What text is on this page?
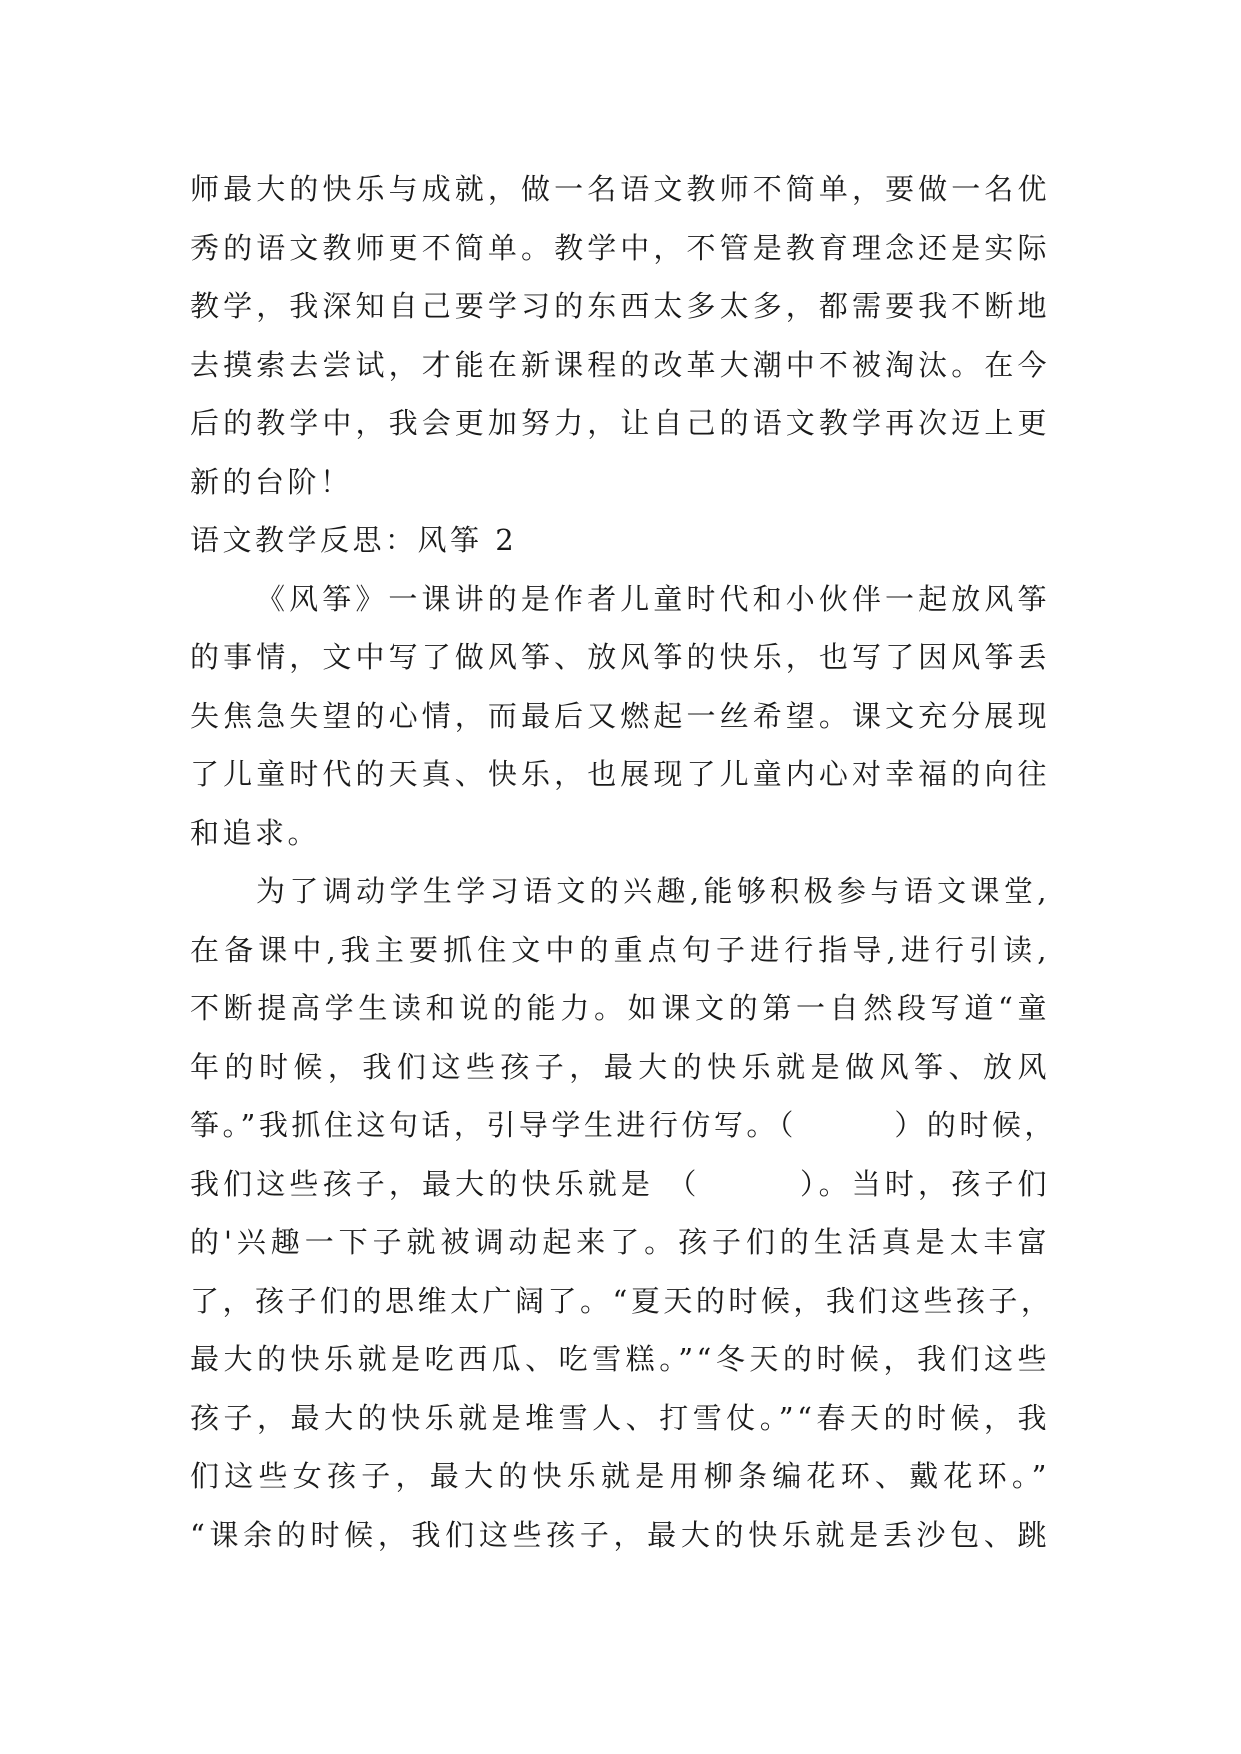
师最大的快乐与成就，做一名语文教师不简单，要做一名优
秀的语文教师更不简单。教学中，不管是教育理念还是实际
教学，我深知自己要学习的东西太多太多，都需要我不断地
去摸索去尝试，才能在新课程的改革大潮中不被淘汰。在今
后的教学中，我会更加努力，让自己的语文教学再次迈上更
新的台阶！
语文教学反思：风筝 2
《风筝》一课讲的是作者儿童时代和小伙伴一起放风筝
的事情，文中写了做风筝、放风筝的快乐，也写了因风筝丢
失焦急失望的心情，而最后又燃起一丝希望。课文充分展现
了儿童时代的天真、快乐，也展现了儿童内心对幸福的向往
和追求。
为了调动学生学习语文的兴趣,能够积极参与语文课堂,
在备课中,我主要抓住文中的重点句子进行指导,进行引读,
不断提高学生读和说的能力。如课文的第一自然段写道“童
年的时候，我们这些孩子，最大的快乐就是做风筝、放风
筝。”我抓住这句话，引导学生进行仿写。（　　　）的时候，
我们这些孩子，最大的快乐就是 （　　　）。当时，孩子们
的'兴趣一下子就被调动起来了。孩子们的生活真是太丰富
了，孩子们的思维太广阔了。“夏天的时候，我们这些孩子，
最大的快乐就是吃西瓜、吃雪糕。”“冬天的时候，我们这些
孩子，最大的快乐就是堆雪人、打雪仗。”“春天的时候，我
们这些女孩子，最大的快乐就是用柳条编花环、戴花环。”
“课余的时候，我们这些孩子，最大的快乐就是丢沙包、跳
